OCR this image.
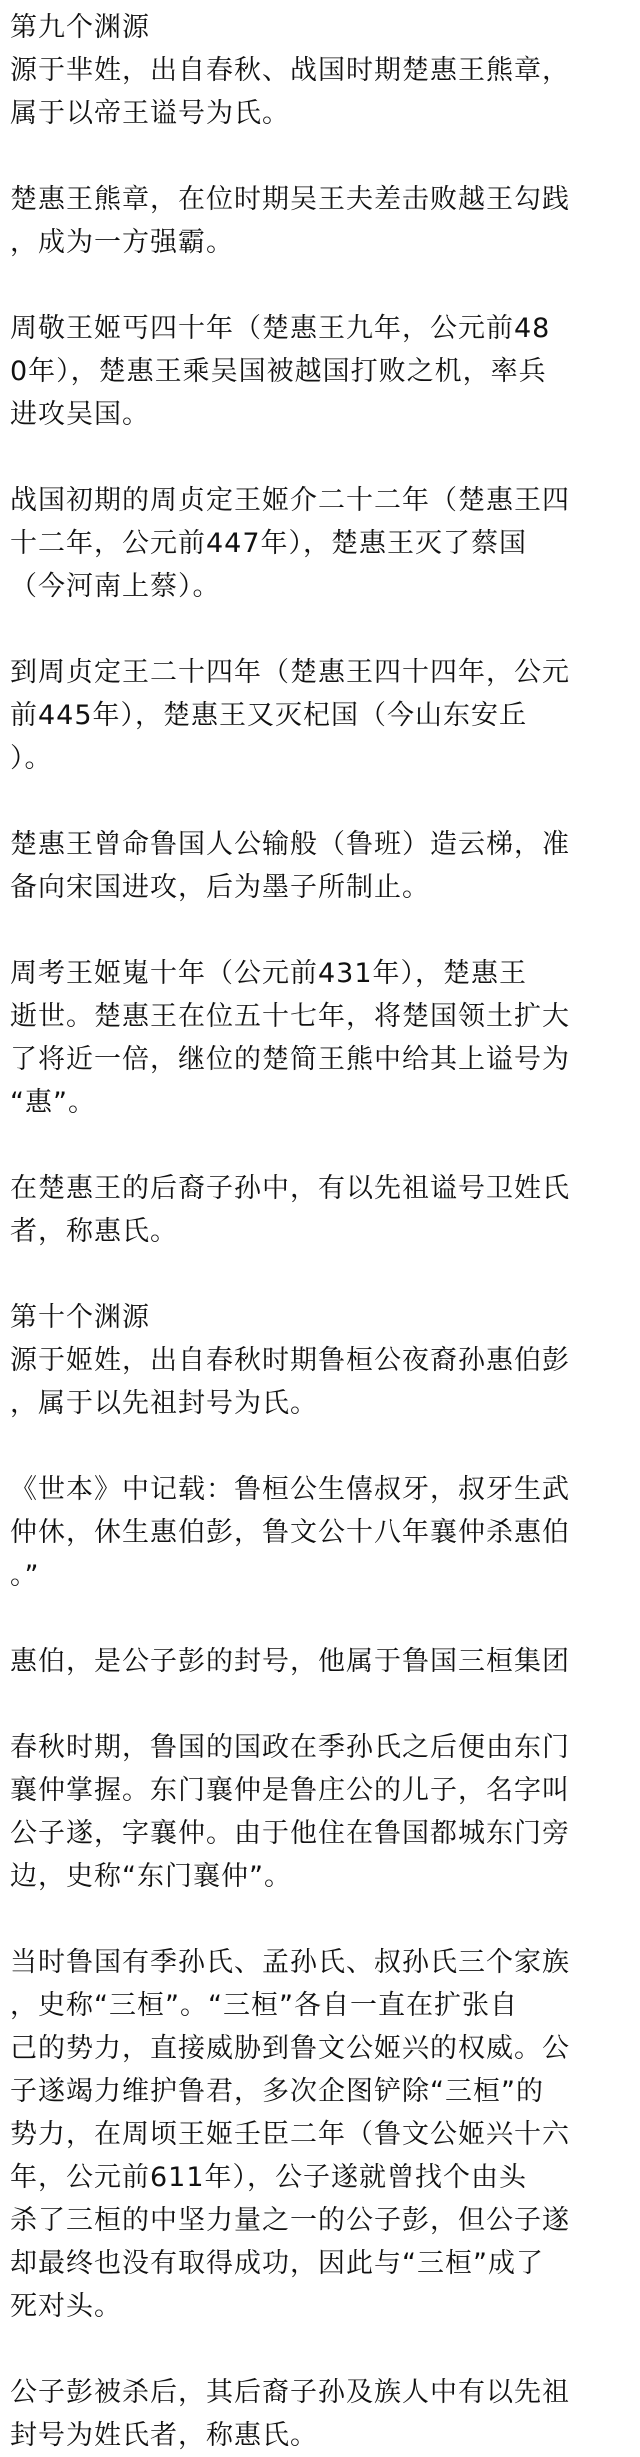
第九个渊源
源于芈姓，出自春秋、战国时期楚惠王熊章，
属于以帝王谥号为氏。
楚惠王熊章，在位时期吴王夫差击败越王勾践
，成为一方强霸。
周敬王姬丐四十年（楚惠王九年，公元前48
0年），楚惠王乘吴国被越国打败之机，率兵
进攻吴国。
战国初期的周贞定王姬介二十二年（楚惠王四
十二年，公元前447年），楚惠王灭了蔡国
（今河南上蔡）。
到周贞定王二十四年（楚惠王四十四年，公元
前445年），楚惠王又灭杞国（今山东安丘
）。
楚惠王曾命鲁国人公输般（鲁班）造云梯，准
备向宋国进攻，后为墨子所制止。
周考王姬嵬十年（公元前431年），楚惠王
逝世。楚惠王在位五十七年，将楚国领土扩大
了将近一倍，继位的楚简王熊中给其上谥号为
“惠”。
在楚惠王的后裔子孙中，有以先祖谥号卫姓氏
者，称惠氏。
第十个渊源
源于姬姓，出自春秋时期鲁桓公夜裔孙惠伯彭
，属于以先祖封号为氏。
《世本》中记载：鲁桓公生僖叔牙，叔牙生武
仲休，休生惠伯彭，鲁文公十八年襄仲杀惠伯
。”
惠伯，是公子彭的封号，他属于鲁国三桓集团
春秋时期，鲁国的国政在季孙氏之后便由东门
襄仲掌握。东门襄仲是鲁庄公的儿子，名字叫
公子遂，字襄仲。由于他住在鲁国都城东门旁
边，史称“东门襄仲”。
当时鲁国有季孙氏、孟孙氏、叔孙氏三个家族
，史称“三桓”。“三桓”各自一直在扩张自
己的势力，直接威胁到鲁文公姬兴的权威。公
子遂竭力维护鲁君，多次企图铲除“三桓”的
势力，在周顷王姬壬臣二年（鲁文公姬兴十六
年，公元前611年），公子遂就曾找个由头
杀了三桓的中坚力量之一的公子彭，但公子遂
却最终也没有取得成功，因此与“三桓”成了
死对头。
公子彭被杀后，其后裔子孙及族人中有以先祖
封号为姓氏者，称惠氏。
